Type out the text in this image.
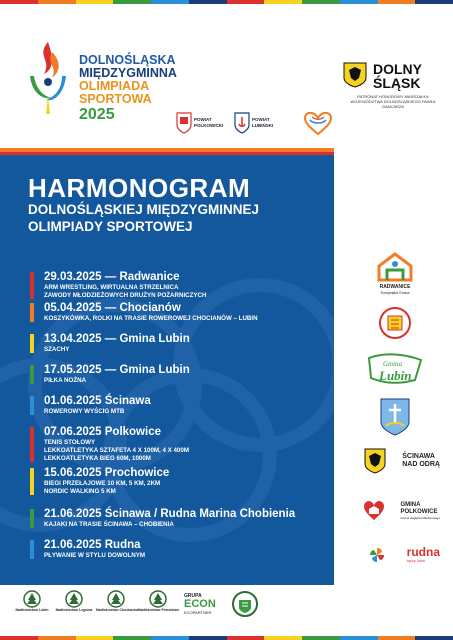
DOLNOŚLĄSKA
MIĘDZYGMINNA
OLIMPIADA
SPORTOWA
2025
DOLNY
ŚLĄSK
PATRONAT HONOROWY MARSZAŁKA WOJEWÓDZTWA DOLNOŚLĄSKIEGO PAWŁA GANCARZA
POWIAT POLKOWICKI
POWIAT
LUBIŃSKI
HARMONOGRAM
DOLNOŚLĄSKIEJ MIĘDZYGMINNEJ
OLIMPIADY SPORTOWEJ
29.03.2025 — Radwanice
ARM WRESTLING, WIRTUALNA STRZELNICA
ZAWODY MŁODZIEŻOWYCH DRUŻYN POŻARNICZYCH
05.04.2025 — Chocianów
KOSZYKÓWKA, ROLKI NA TRASIE ROWEROWEJ CHOCIANÓW – LUBIN
13.04.2025 — Gmina Lubin
SZACHY
17.05.2025 — Gmina Lubin
PIŁKA NOŻNA
01.06.2025 Ścinawa
ROWEROWY WYŚCIG MTB
07.06.2025 Polkowice
TENIS STOŁOWY
LEKKOATLETYKA SZTAFETA 4 X 100M, 4 X 400M
LEKKOATLETYKA BIEG 60M, 1000M
15.06.2025 Prochowice
BIEGI PRZEŁAJOWE 10 KM, 5 KM, 2KM
NORDIC WALKING 5 KM
21.06.2025 Ścinawa / Rudna Marina Chobienia
KAJAKI NA TRASIE ŚCINAWA – CHOBIENIA
21.06.2025 Rudna
PŁYWANIE W STYLU DOWOLNYM
RADWANICE
Europejska Gmina
Gmina
Lubin
ŚCINAWA
NAD ODRĄ
GMINA
POLKOWICE
Gmina Zagłębia Miedziowego
rudna
łączy ludzi
Nadleśnictwo Lubin	Nadleśnictwo Legnica	Nadleśnictwo Chocianów Nadleśnictwo Przemków
GRUPA
ECON
ECOPARTNER
